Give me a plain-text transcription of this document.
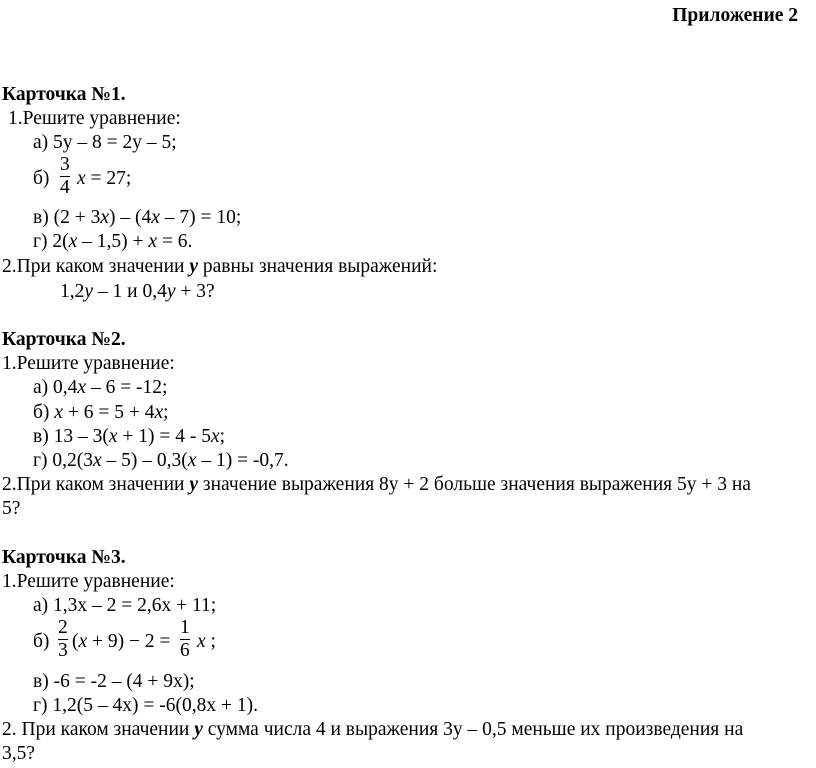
Приложение 2
Карточка №1.
1.Решите уравнение:
а) 5у – 8 = 2у – 5;
б)
3
4 x = 27;
в) (2 + 3x) – (4x – 7) = 10;
г) 2(x – 1,5) + x = 6.
2.При каком значении y равны значения выражений:
1,2y – 1 и 0,4y + 3?
Карточка №2.
1.Решите уравнение:
а) 0,4x – 6 = -12;
б) x + 6 = 5 + 4x;
в) 13 – 3(x + 1) = 4 - 5x;
г) 0,2(3x – 5) – 0,3(x – 1) = -0,7.
2.При каком значении y значение выражения 8у + 2 больше значения выражения 5у + 3 на
5?
Карточка №3.
1.Решите уравнение:
а) 1,3х – 2 = 2,6х + 11;
б)
2
3 (x + 9) − 2 =
1
6 x ;
в) -6 = -2 – (4 + 9х);
г) 1,2(5 – 4х) = -6(0,8х + 1).
2. При каком значении y сумма числа 4 и выражения 3у – 0,5 меньше их произведения на
3,5?
